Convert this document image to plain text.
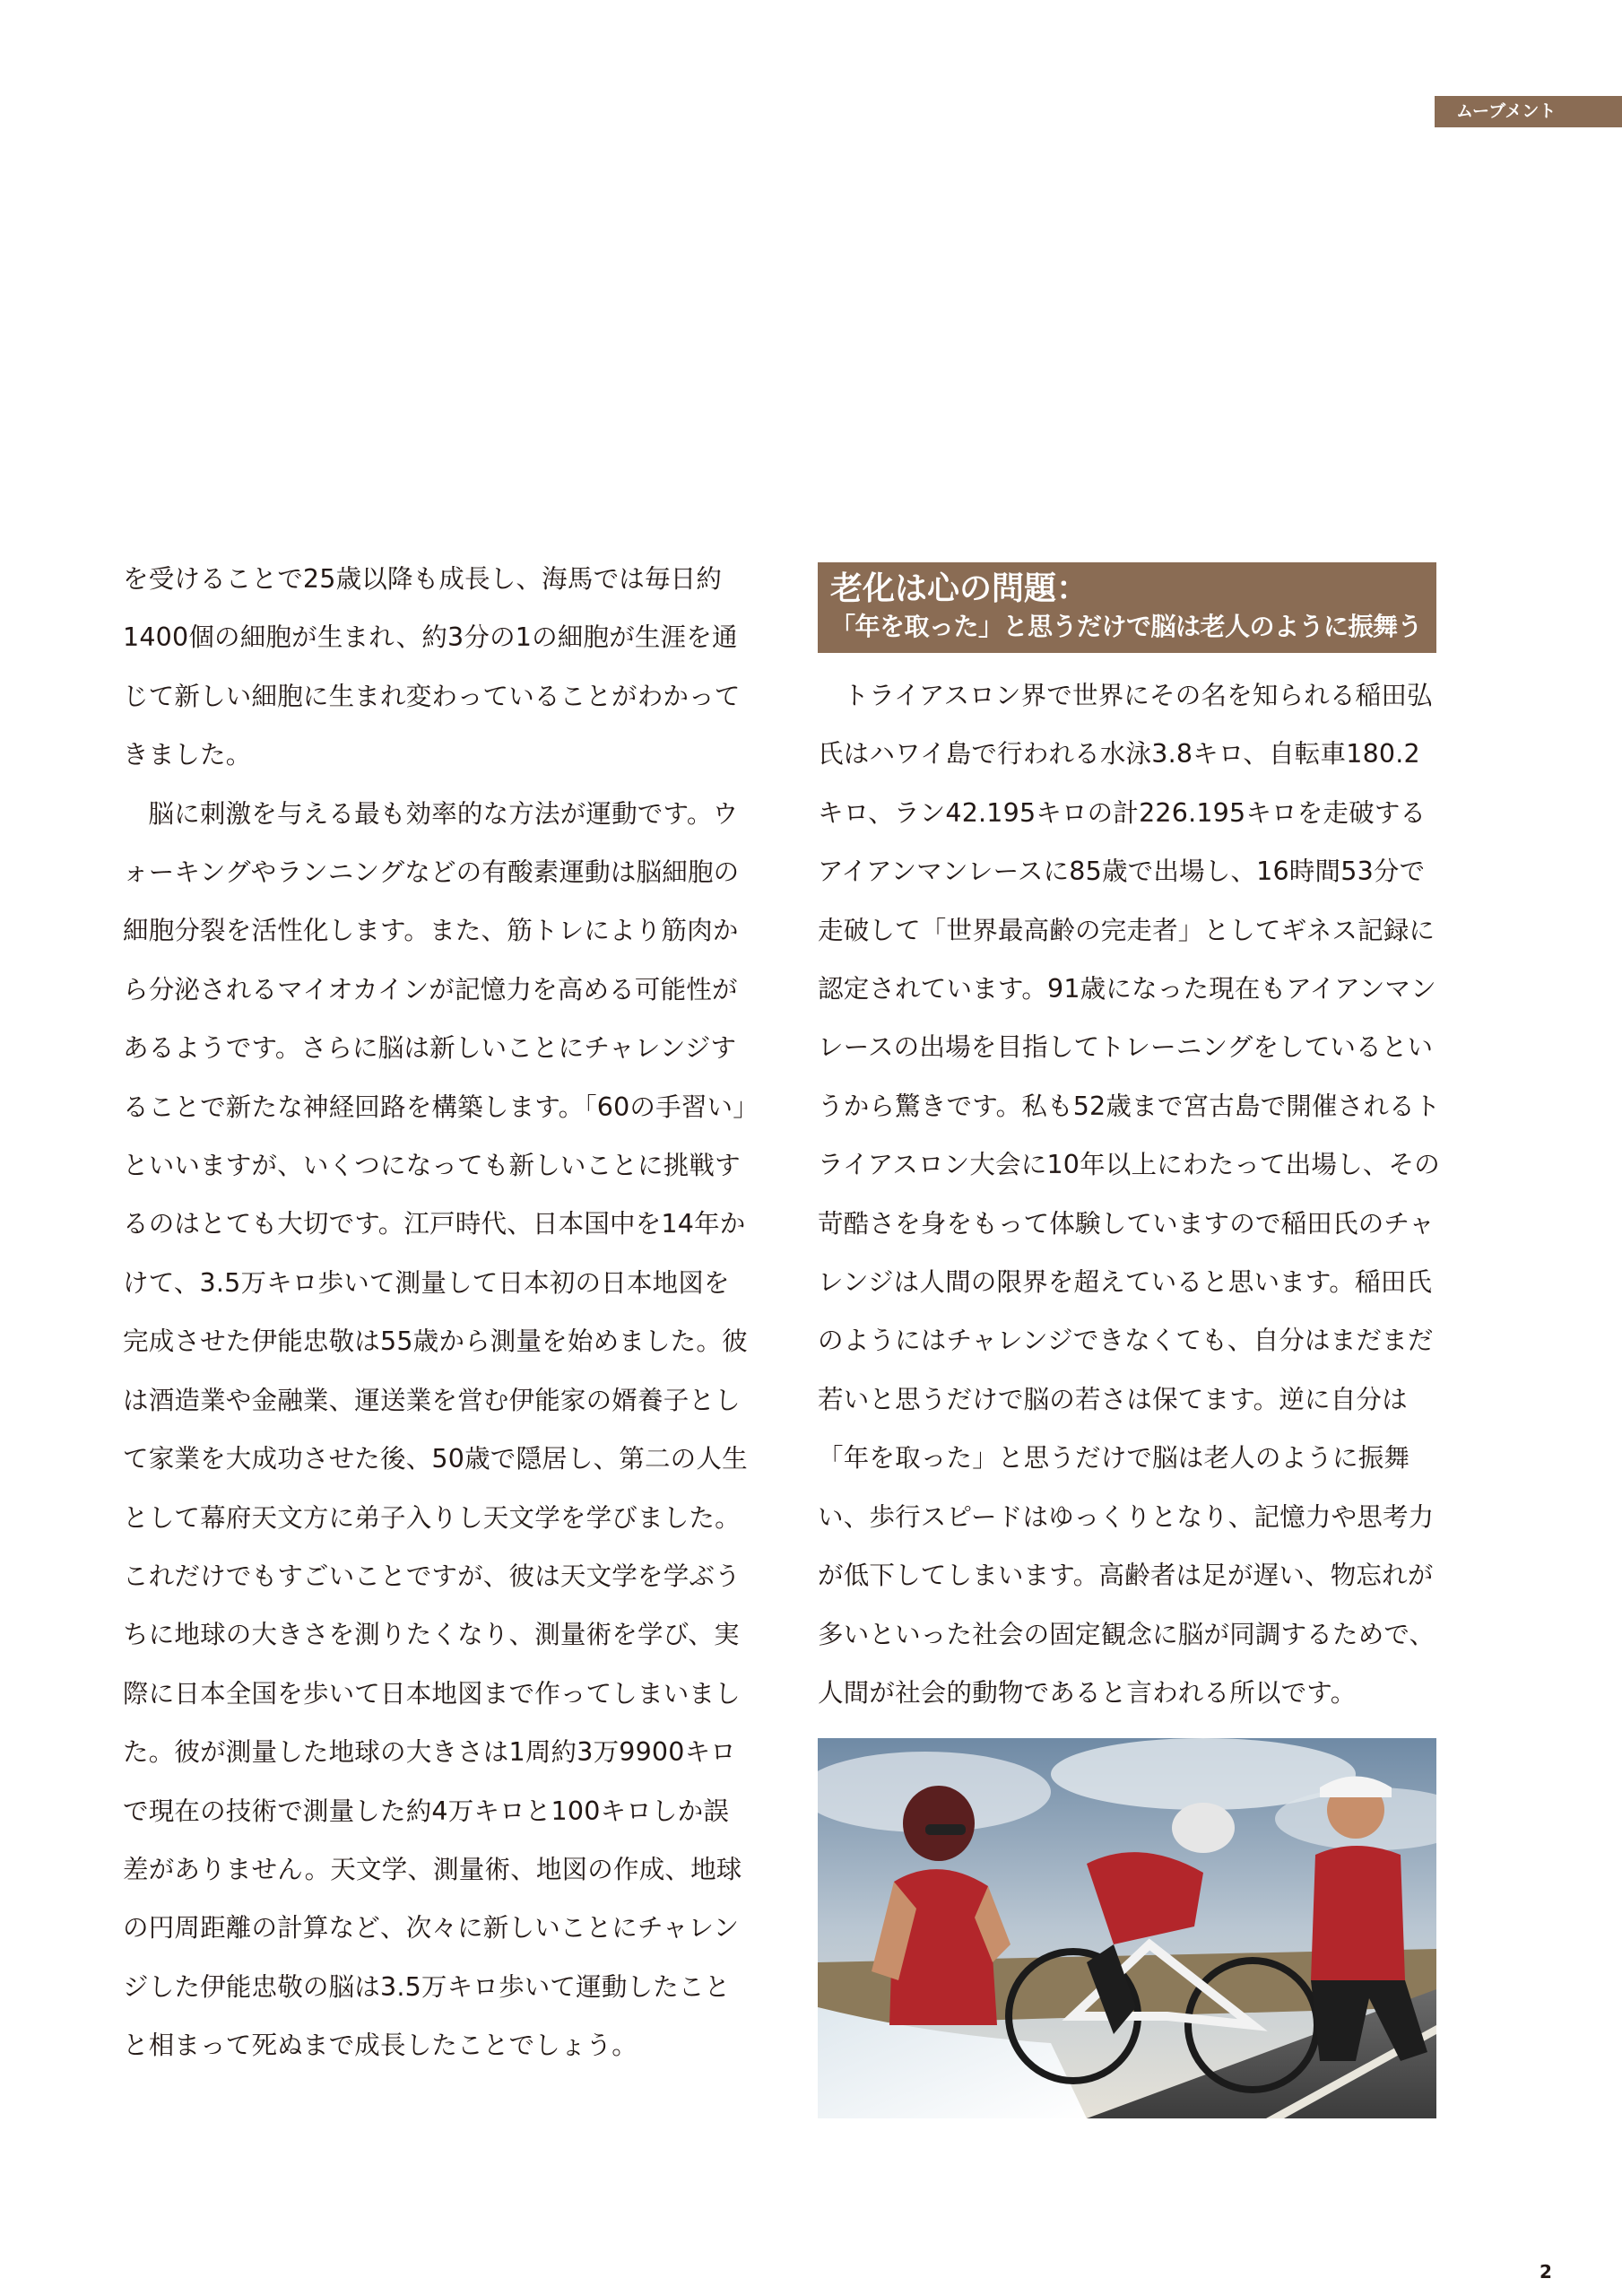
ムーブメント

を受けることで25歳以降も成長し、海馬では毎日約1400個の細胞が生まれ、約3分の1の細胞が生涯を通じて新しい細胞に生まれ変わっていることがわかってきました。

脳に刺激を与える最も効率的な方法が運動です。ウォーキングやランニングなどの有酸素運動は脳細胞の細胞分裂を活性化します。また、筋トレにより筋肉から分泌されるマイオカインが記憶力を高める可能性があるようです。さらに脳は新しいことにチャレンジすることで新たな神経回路を構築します。「60の手習い」といいますが、いくつになっても新しいことに挑戦するのはとても大切です。江戸時代、日本国中を14年かけて、3.5万キロ歩いて測量して日本初の日本地図を完成させた伊能忠敬は55歳から測量を始めました。彼は酒造業や金融業、運送業を営む伊能家の婿養子として家業を大成功させた後、50歳で隠居し、第二の人生として幕府天文方に弟子入りし天文学を学びました。これだけでもすごいことですが、彼は天文学を学ぶうちに地球の大きさを測りたくなり、測量術を学び、実際に日本全国を歩いて日本地図まで作ってしまいました。彼が測量した地球の大きさは1周約3万9900キロで現在の技術で測量した約4万キロと100キロしか誤差がありません。天文学、測量術、地図の作成、地球の円周距離の計算など、次々に新しいことにチャレンジした伊能忠敬の脳は3.5万キロ歩いて運動したことと相まって死ぬまで成長したことでしょう。

老化は心の問題：
「年を取った」と思うだけで脳は老人のように振舞う

トライアスロン界で世界にその名を知られる稲田弘氏はハワイ島で行われる水泳3.8キロ、自転車180.2キロ、ラン42.195キロの計226.195キロを走破するアイアンマンレースに85歳で出場し、16時間53分で走破して「世界最高齢の完走者」としてギネス記録に認定されています。91歳になった現在もアイアンマンレースの出場を目指してトレーニングをしているというから驚きです。私も52歳まで宮古島で開催されるトライアスロン大会に10年以上にわたって出場し、その苛酷さを身をもって体験していますので稲田氏のチャレンジは人間の限界を超えていると思います。稲田氏のようにはチャレンジできなくても、自分はまだまだ若いと思うだけで脳の若さは保てます。逆に自分は「年を取った」と思うだけで脳は老人のように振舞い、歩行スピードはゆっくりとなり、記憶力や思考力が低下してしまいます。高齢者は足が遅い、物忘れが多いといった社会の固定観念に脳が同調するためで、人間が社会的動物であると言われる所以です。

2
